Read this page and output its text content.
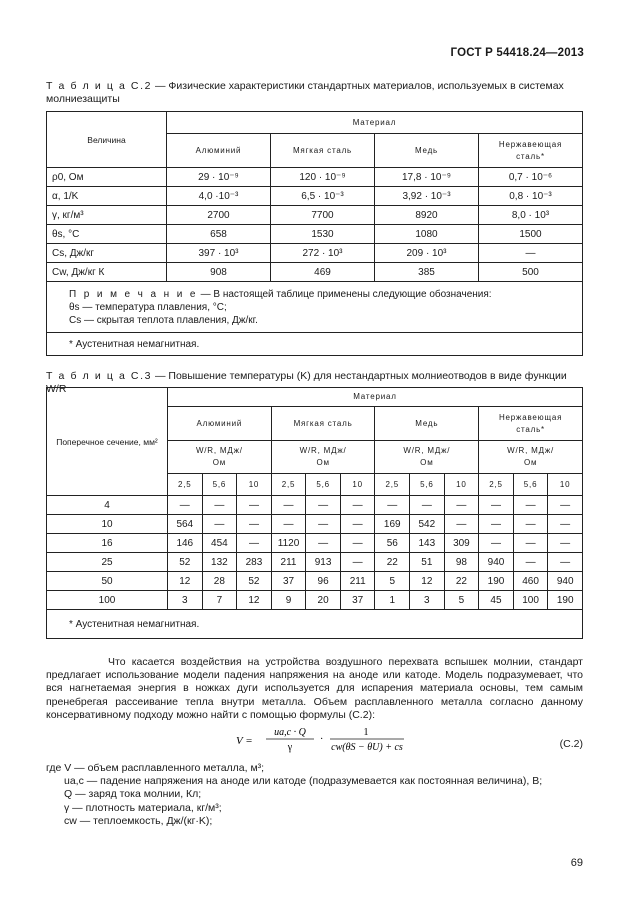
ГОСТ Р 54418.24—2013
Т а б л и ц а С.2 — Физические характеристики стандартных материалов, используемых в системах молниезащиты
Величина	Материал			
	Алюминий	Мягкая сталь	Медь	Нержавеющая сталь*
ρ0, Ом	29 · 10⁻⁹	120 · 10⁻⁹	17,8 · 10⁻⁹	0,7 · 10⁻⁶
α, 1/K	4,0 ·10⁻³	6,5 · 10⁻³	3,92 · 10⁻³	0,8 · 10⁻³
γ, кг/м³	2700	7700	8920	8,0 · 10³
θs, °C	658	1530	1080	1500
Cs, Дж/кг	397 · 10³	272 · 10³	209 · 10³	—
Cw, Дж/кг К	908	469	385	500

П р и м е ч а н и е — В настоящей таблице применены следующие обозначения:
θs — температура плавления, °С;
Cs — скрытая теплота плавления, Дж/кг.				

* Аустенитная немагнитная.				
Т а б л и ц а С.3 — Повышение температуры (K) для нестандартных молниеотводов в виде функции W/R
Поперечное сечение, мм²	Материал											
	Алюминий			Мягкая сталь			Медь			Нержавеющая сталь*		
	W/R, МДж/Ом			W/R, МДж/Ом			W/R, МДж/Ом			W/R, МДж/Ом		
	2,5	5,6	10	2,5	5,6	10	2,5	5,6	10	2,5	5,6	10
4	—	—	—	—	—	—	—	—	—	—	—	—
10	564	—	—	—	—	—	169	542	—	—	—	—
16	146	454	—	1120	—	—	56	143	309	—	—	—
25	52	132	283	211	913	—	22	51	98	940	—	—
50	12	28	52	37	96	211	5	12	22	190	460	940
100	3	7	12	9	20	37	1	3	5	45	100	190
* Аустенитная немагнитная.												
Что касается воздействия на устройства воздушного перехвата вспышек молнии, стандарт предлагает использование модели падения напряжения на аноде или катоде. Модель подразумевает, что вся нагнетаемая энергия в ножках дуги используется для испарения материала основы, тем самым пренебрегая рассеивание тепла внутри металла. Объем расплавленного металла согласно данному консервативному подходу можно найти с помощью формулы (С.2):
V =
ua,c · Q
γ
·
1
cw(θS − θU) + cs	(С.2)
где V — объем расплавленного металла, м³;
ua,c — падение напряжения на аноде или катоде (подразумевается как постоянная величина), В;
Q — заряд тока молнии, Кл;
γ — плотность материала, кг/м³;
cw — теплоемкость, Дж/(кг·K);
69
